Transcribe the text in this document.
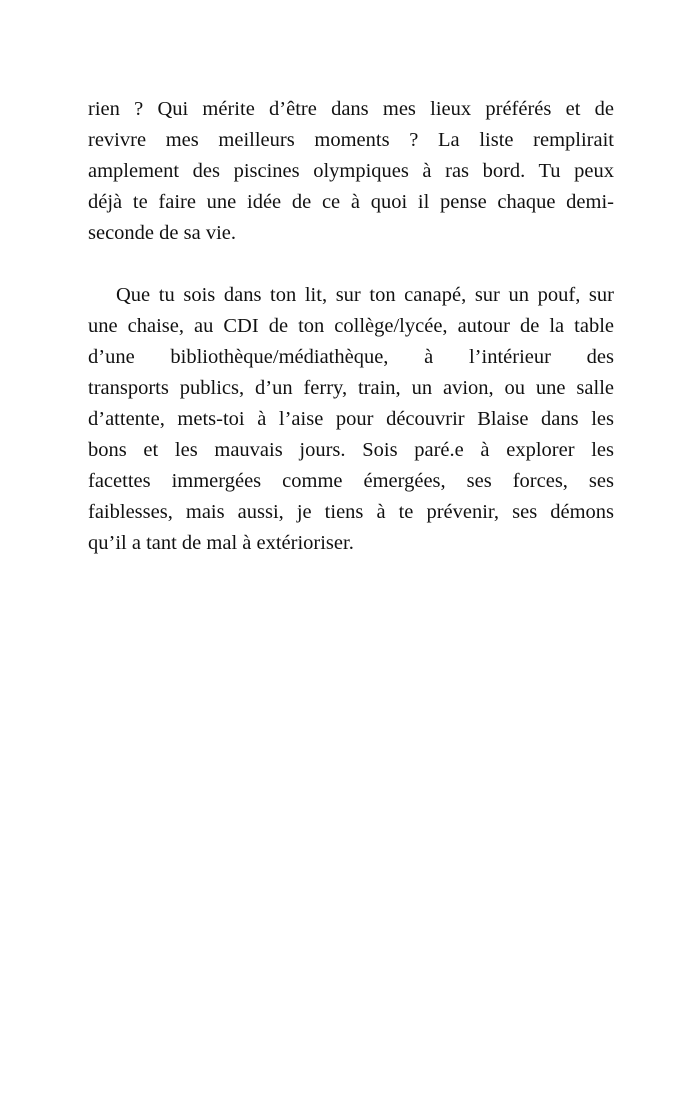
rien ? Qui mérite d’être dans mes lieux préférés et de
revivre mes meilleurs moments ? La liste remplirait
amplement des piscines olympiques à ras bord. Tu peux
déjà te faire une idée de ce à quoi il pense chaque demi-
seconde de sa vie.
Que tu sois dans ton lit, sur ton canapé, sur un pouf, sur
une chaise, au CDI de ton collège/lycée, autour de la table
d’une bibliothèque/médiathèque, à l’intérieur des
transports publics, d’un ferry, train, un avion, ou une salle
d’attente, mets-toi à l’aise pour découvrir Blaise dans les
bons et les mauvais jours. Sois paré.e à explorer les
facettes immergées comme émergées, ses forces, ses
faiblesses, mais aussi, je tiens à te prévenir, ses démons
qu’il a tant de mal à extérioriser.
